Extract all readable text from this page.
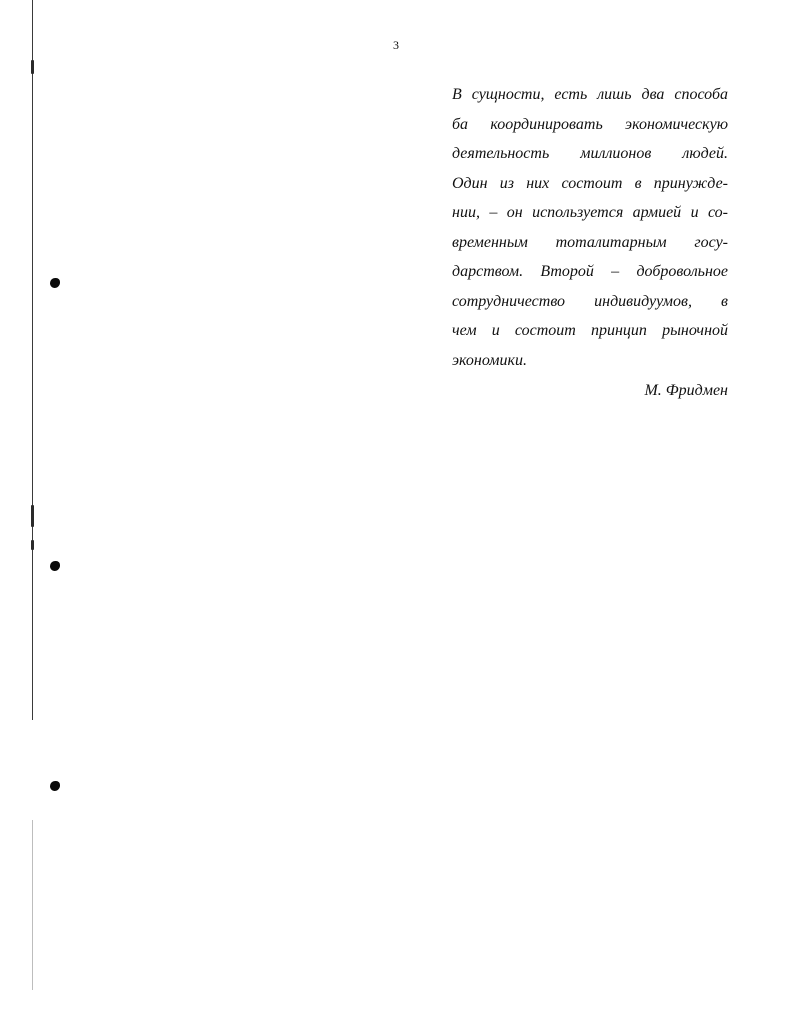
3
В сущности, есть лишь два способа
ба координировать экономическую
деятельность миллионов людей.
Один из них состоит в принужде-
нии, – он используется армией и со-
временным тоталитарным госу-
дарством. Второй – добровольное
сотрудничество индивидуумов, в
чем и состоит принцип рыночной
экономики.
М. Фридмен
